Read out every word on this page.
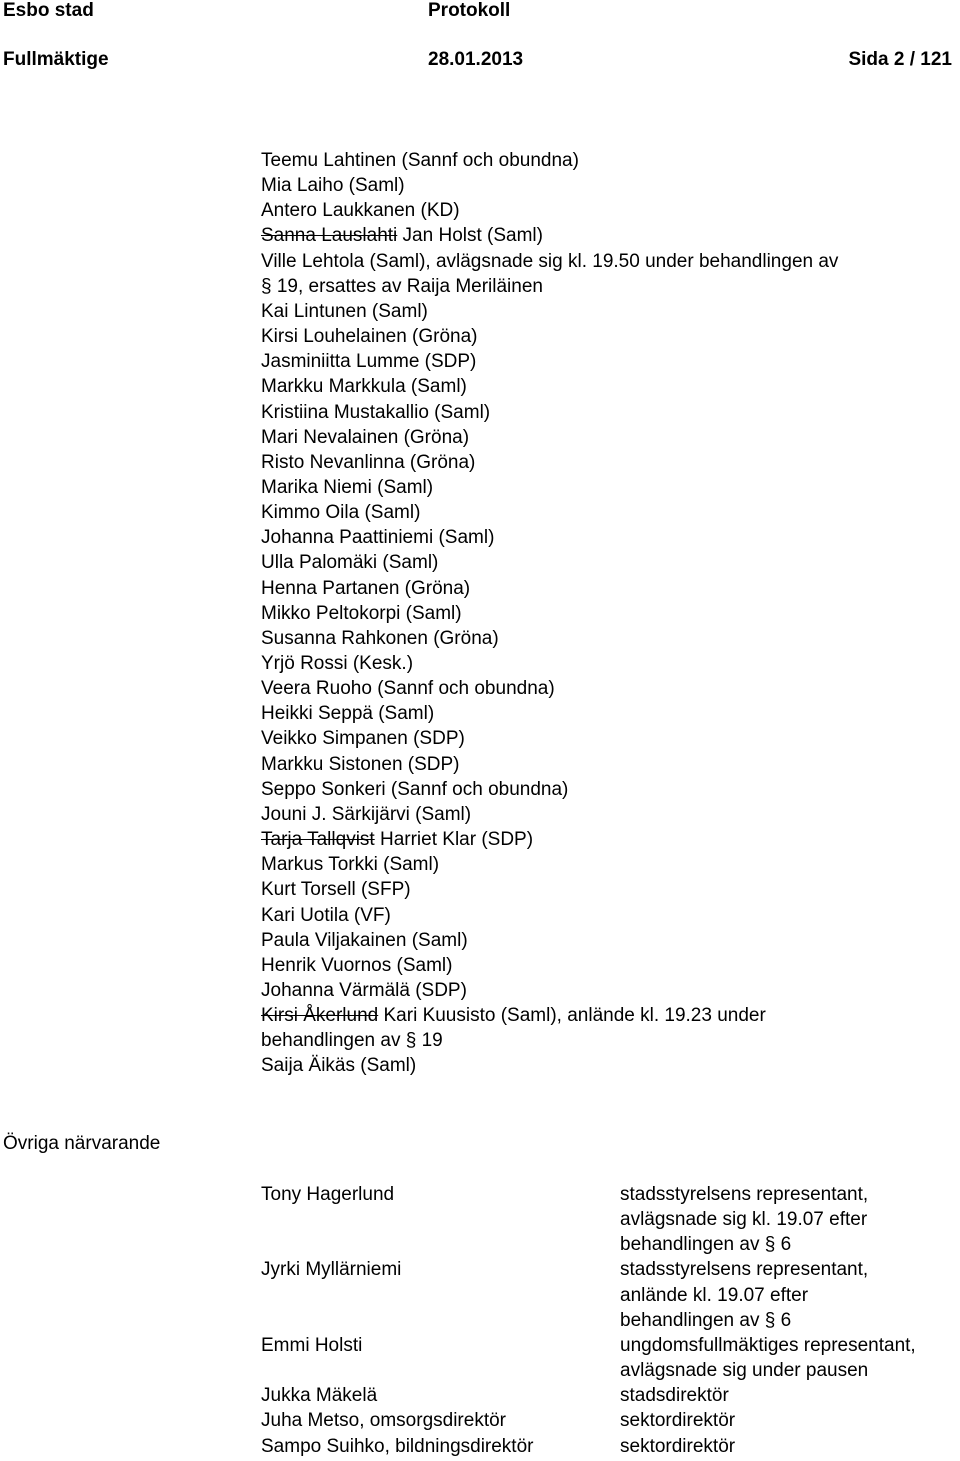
Esbo stad	Protokoll
Fullmäktige	28.01.2013	Sida 2 / 121
Teemu Lahtinen (Sannf och obundna)
Mia Laiho (Saml)
Antero Laukkanen (KD)
Sanna Lauslahti Jan Holst (Saml)
Ville Lehtola (Saml), avlägsnade sig kl. 19.50 under behandlingen av
§ 19, ersattes av Raija Meriläinen
Kai Lintunen (Saml)
Kirsi Louhelainen (Gröna)
Jasminiitta Lumme (SDP)
Markku Markkula (Saml)
Kristiina Mustakallio (Saml)
Mari Nevalainen (Gröna)
Risto Nevanlinna (Gröna)
Marika Niemi (Saml)
Kimmo Oila (Saml)
Johanna Paattiniemi (Saml)
Ulla Palomäki (Saml)
Henna Partanen (Gröna)
Mikko Peltokorpi (Saml)
Susanna Rahkonen (Gröna)
Yrjö Rossi (Kesk.)
Veera Ruoho (Sannf och obundna)
Heikki Seppä (Saml)
Veikko Simpanen (SDP)
Markku Sistonen (SDP)
Seppo Sonkeri (Sannf och obundna)
Jouni J. Särkijärvi (Saml)
Tarja Tallqvist Harriet Klar (SDP)
Markus Torkki (Saml)
Kurt Torsell (SFP)
Kari Uotila (VF)
Paula Viljakainen (Saml)
Henrik Vuornos (Saml)
Johanna Värmälä (SDP)
Kirsi Åkerlund Kari Kuusisto (Saml), anlände kl. 19.23 under
behandlingen av § 19
Saija Äikäs (Saml)
Övriga närvarande
Tony Hagerlund	stadsstyrelsens representant,
avlägsnade sig kl. 19.07 efter
behandlingen av § 6
Jyrki Myllärniemi	stadsstyrelsens representant,
anlände kl. 19.07 efter
behandlingen av § 6
Emmi Holsti	ungdomsfullmäktiges representant,
avlägsnade sig under pausen
Jukka Mäkelä	stadsdirektör
Juha Metso, omsorgsdirektör	sektordirektör
Sampo Suihko, bildningsdirektör	sektordirektör
